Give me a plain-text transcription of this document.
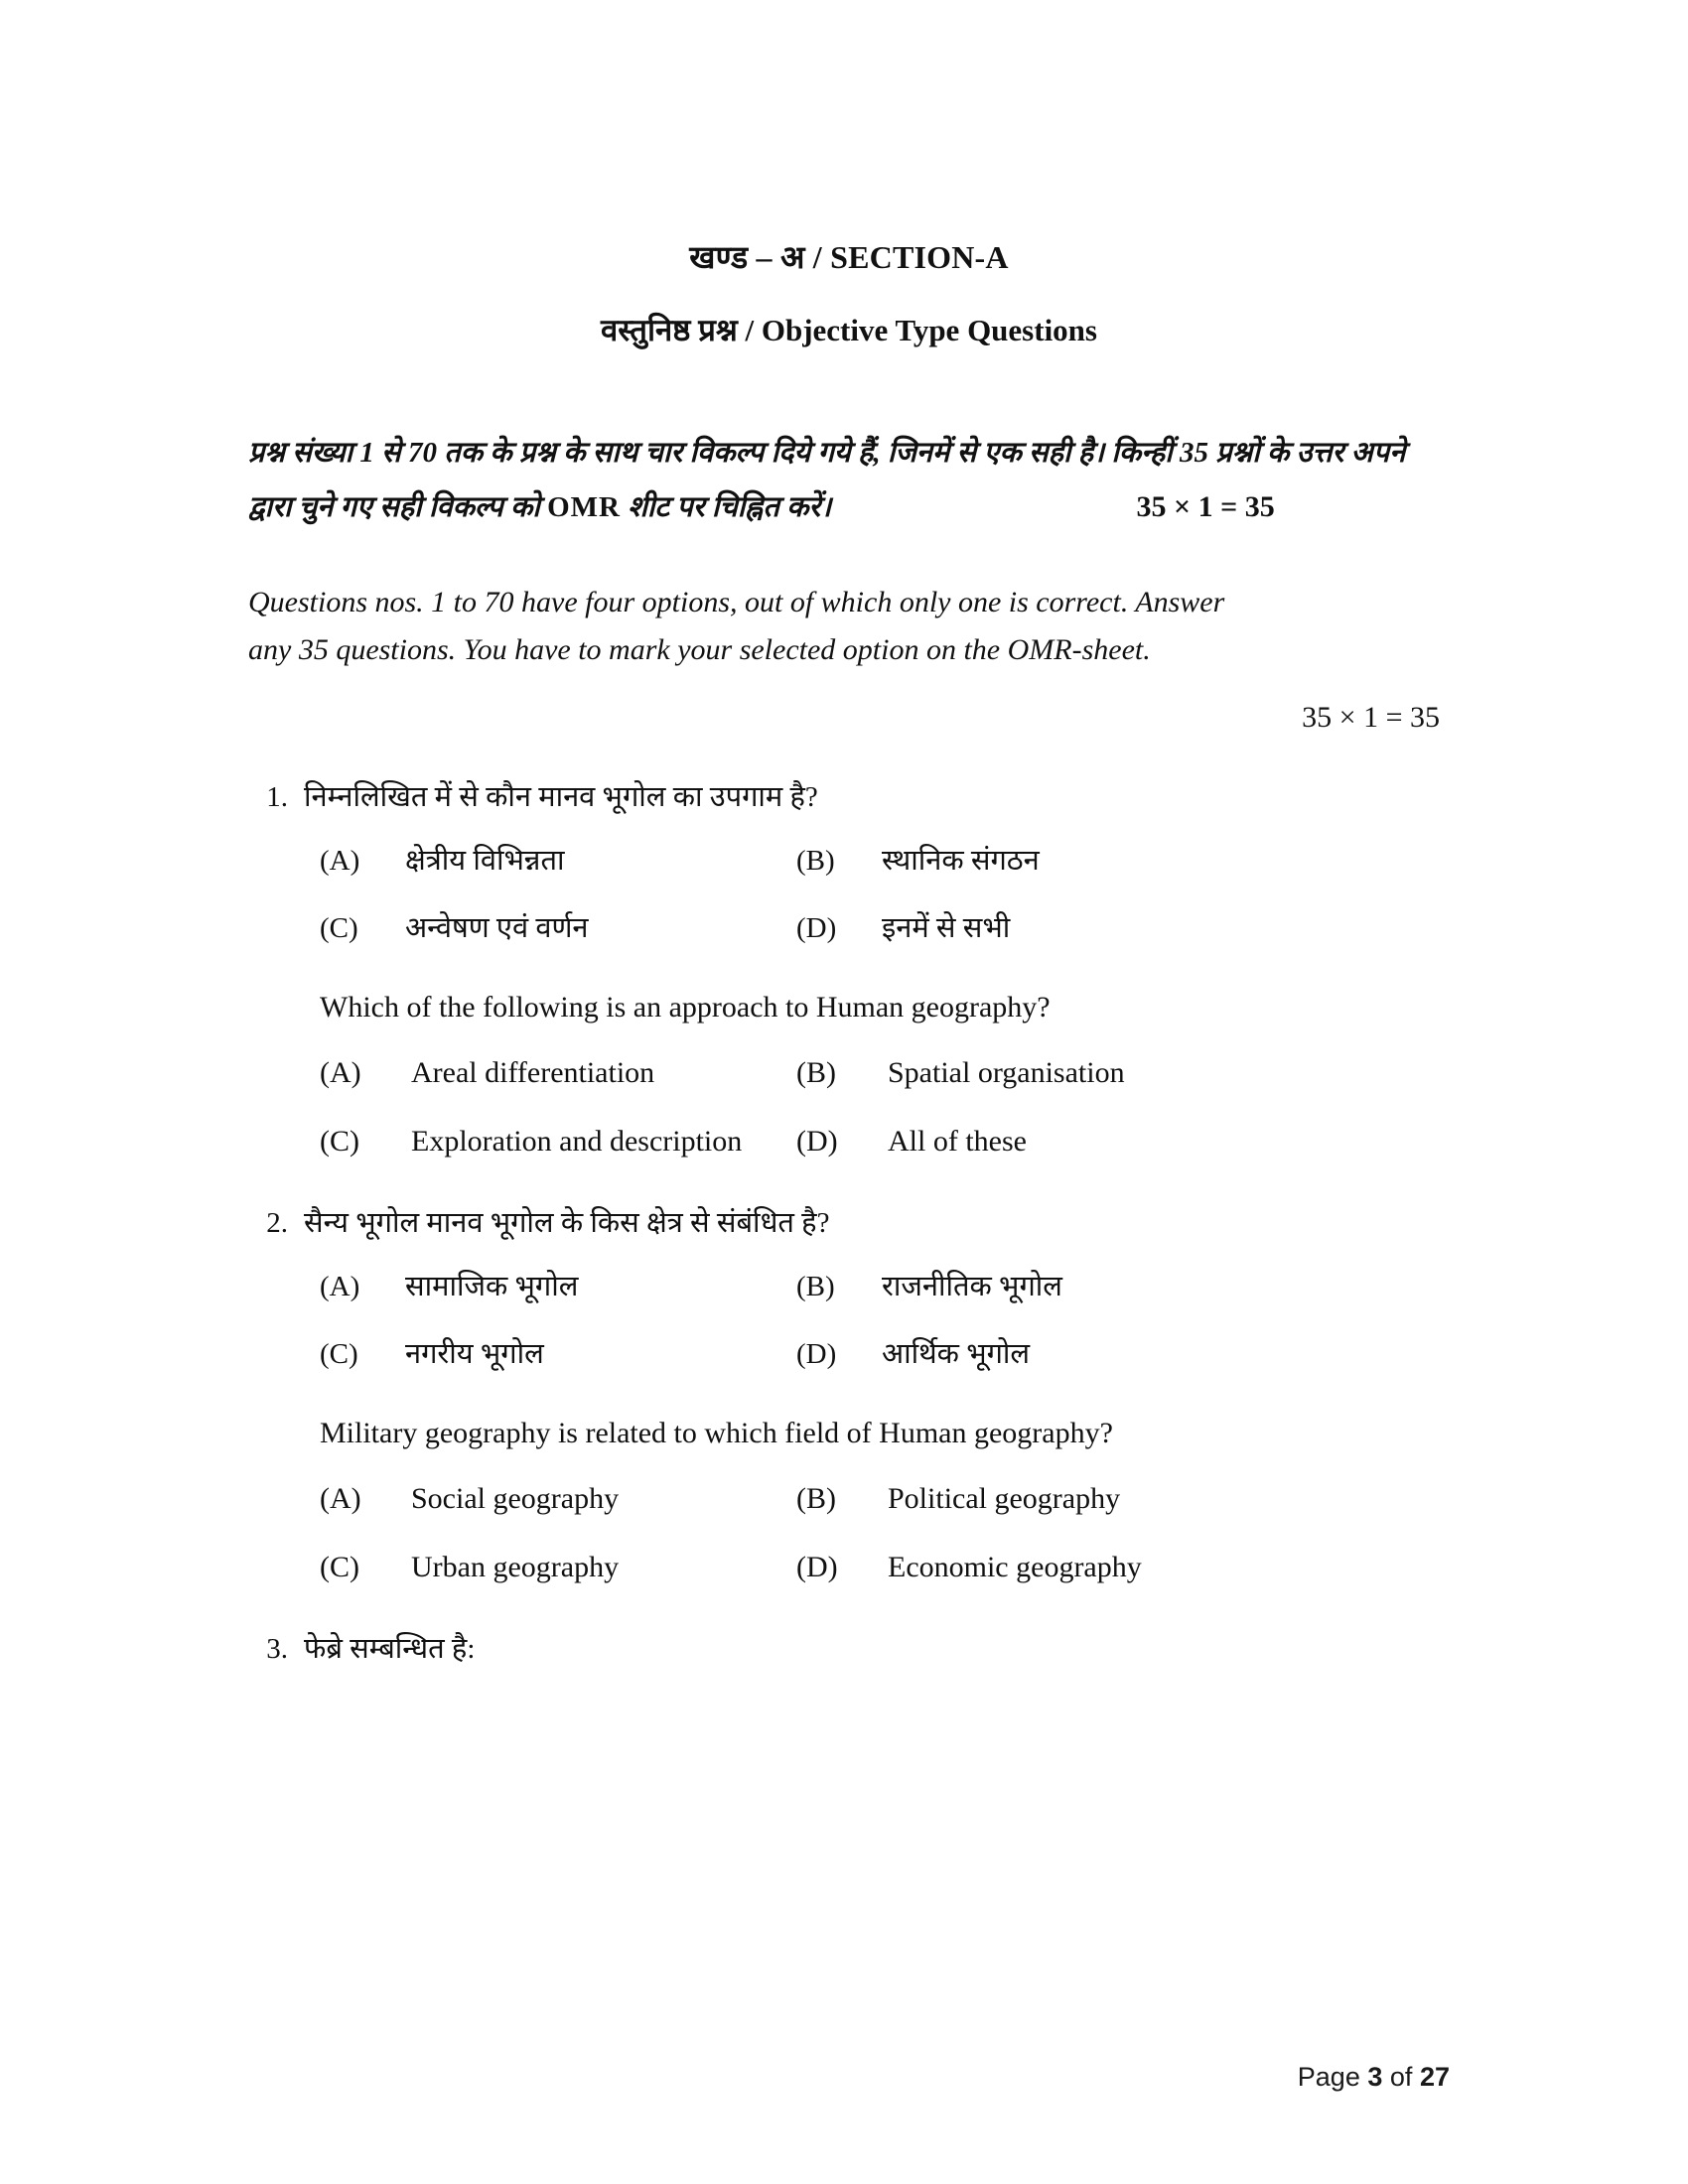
खण्ड – अ / SECTION-A
वस्तुनिष्ठ प्रश्न / Objective Type Questions
प्रश्न संख्या 1 से 70 तक के प्रश्न के साथ चार विकल्प दिये गये हैं, जिनमें से एक सही है। किन्हीं 35 प्रश्नों के उत्तर अपने द्वारा चुने गए सही विकल्प को OMR शीट पर चिह्नित करें।	35 × 1 = 35
Questions nos. 1 to 70 have four options, out of which only one is correct. Answer
any 35 questions. You have to mark your selected option on the OMR-sheet.
35 × 1 = 35
1. निम्नलिखित में से कौन मानव भूगोल का उपगाम है?
(A)	क्षेत्रीय विभिन्नता	(B)	स्थानिक संगठन
(C)	अन्वेषण एवं वर्णन	(D)	इनमें से सभी
Which of the following is an approach to Human geography?
(A)	Areal differentiation	(B)	Spatial organisation
(C)	Exploration and description	(D)	All of these
2. सैन्य भूगोल मानव भूगोल के किस क्षेत्र से संबंधित है?
(A)	सामाजिक भूगोल	(B)	राजनीतिक भूगोल
(C)	नगरीय भूगोल	(D)	आर्थिक भूगोल
Military geography is related to which field of Human geography?
(A)	Social geography	(B)	Political geography
(C)	Urban geography	(D)	Economic geography
3. फेब्रे सम्बन्धित है:
Page 3 of 27
